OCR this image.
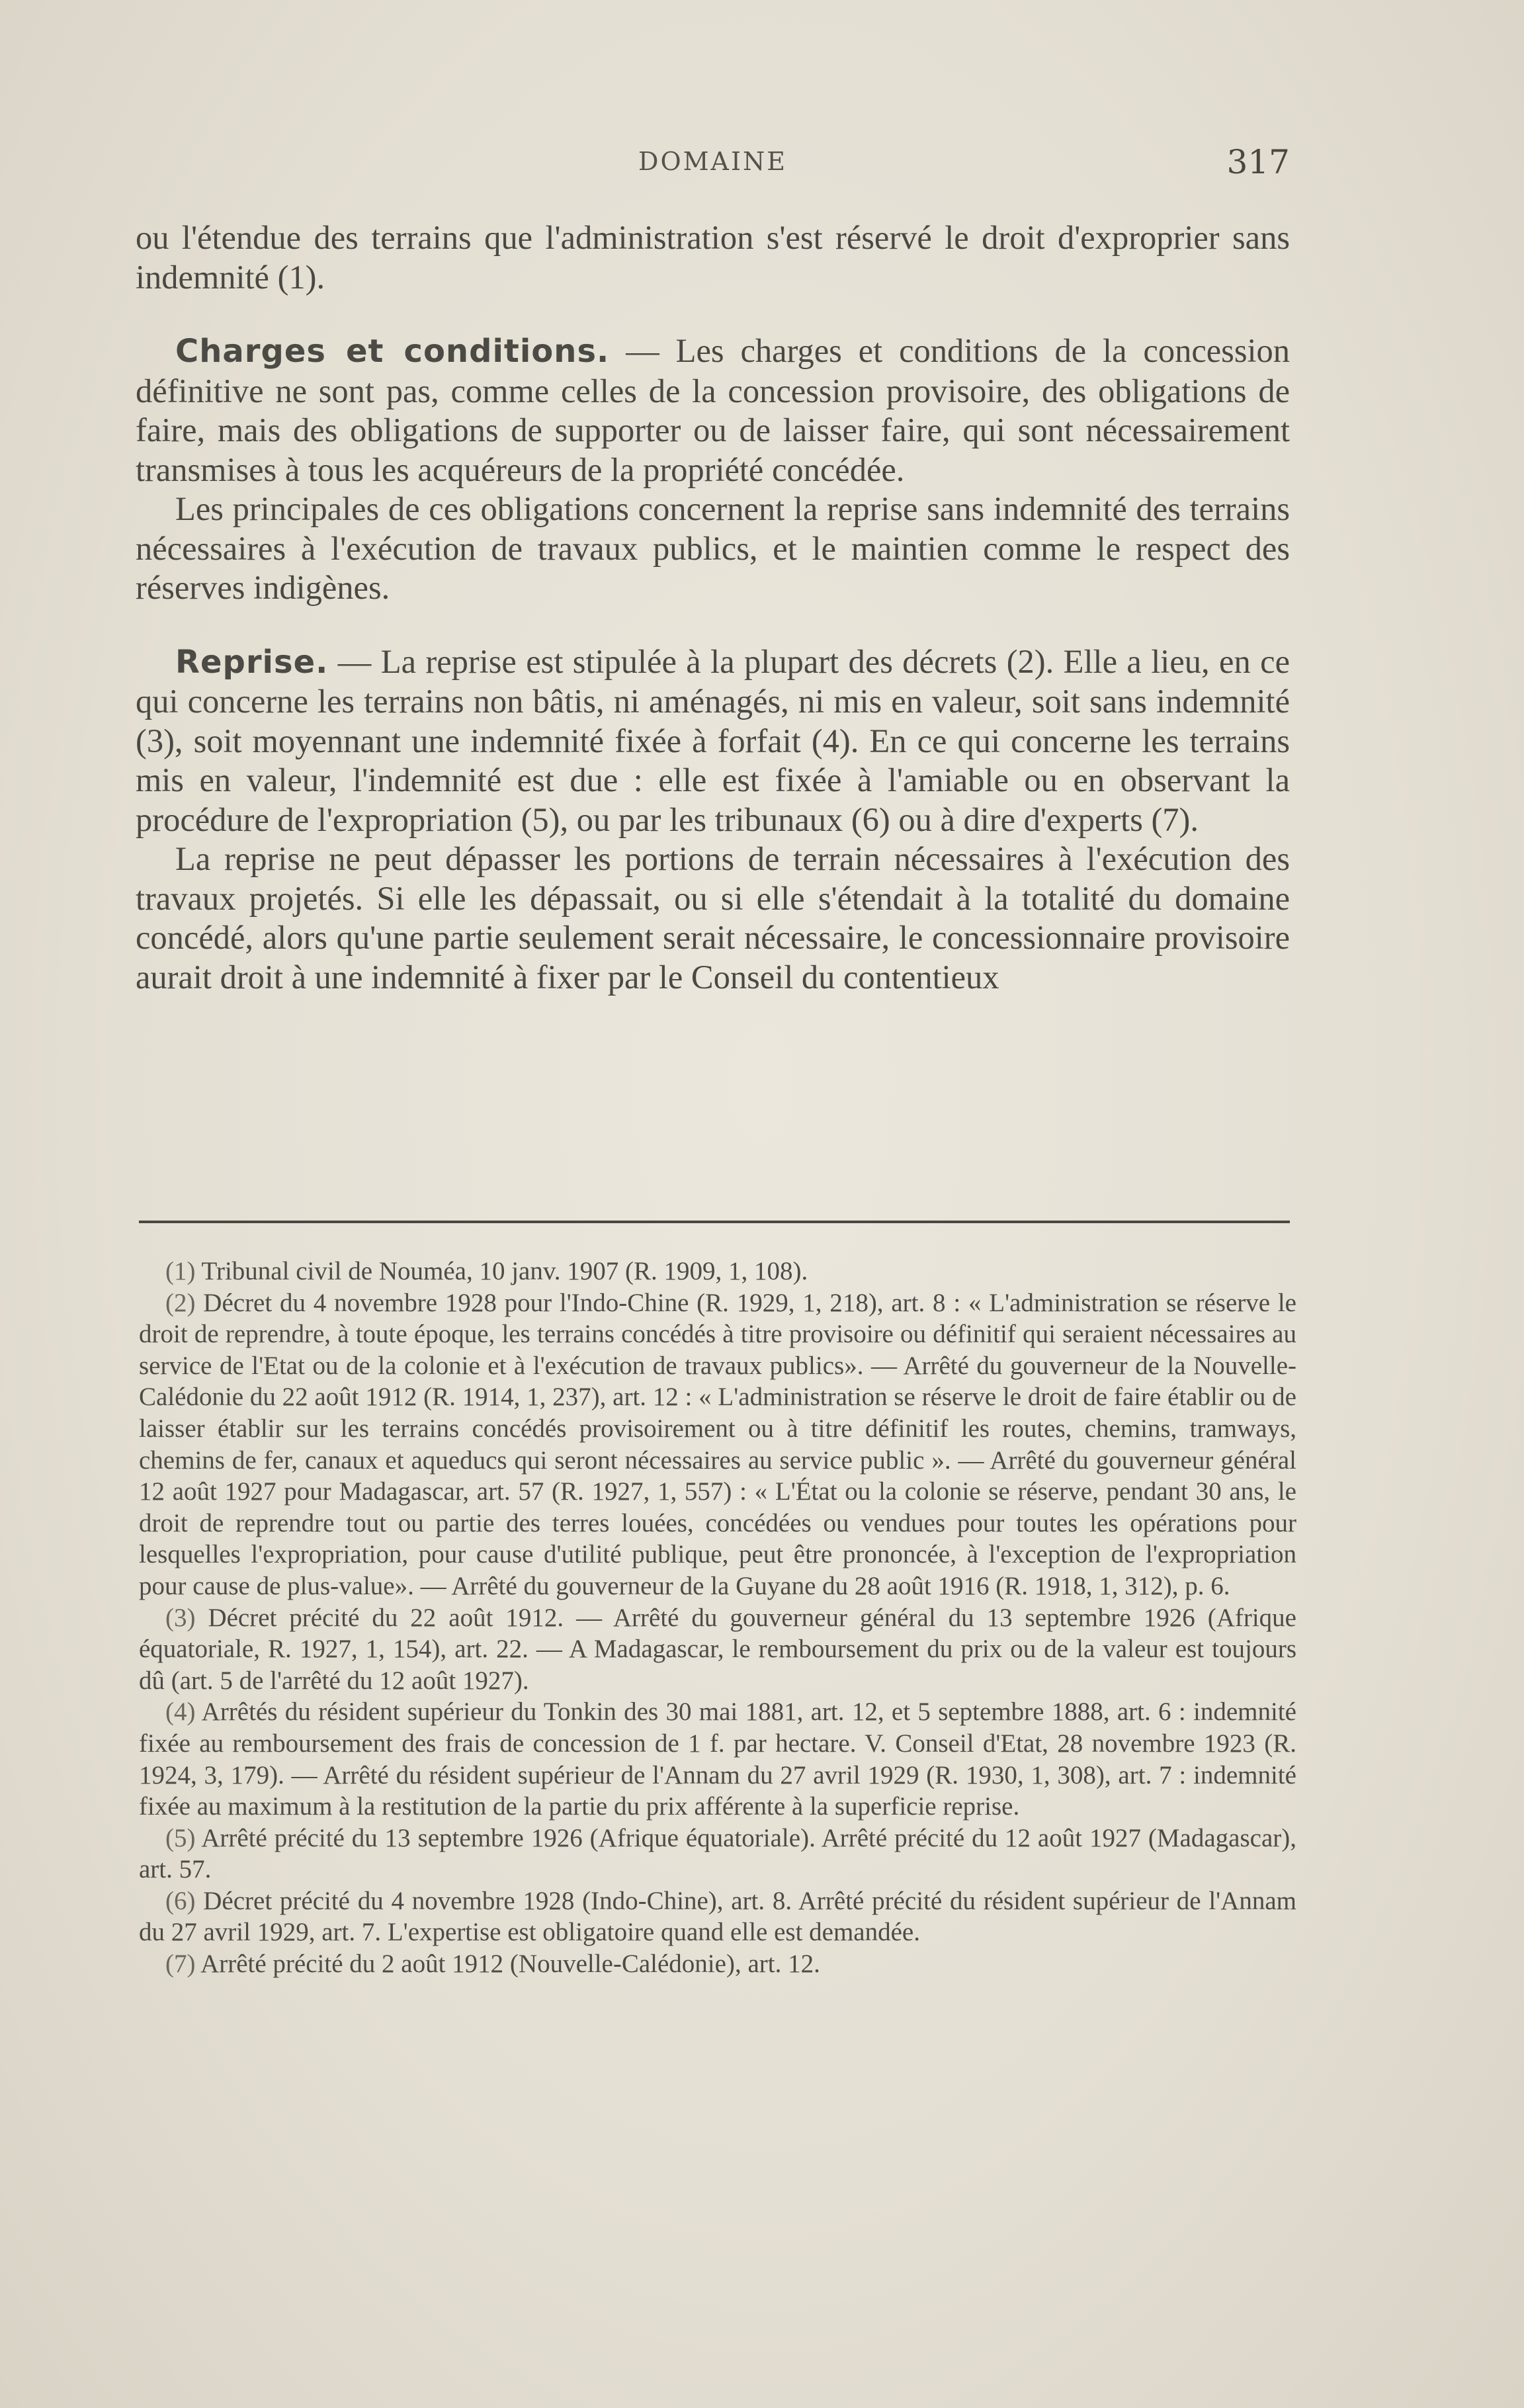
DOMAINE	317

ou l'étendue des terrains que l'administration s'est réservé le droit d'exproprier sans indemnité (1).

Charges et conditions. — Les charges et conditions de la concession définitive ne sont pas, comme celles de la concession provisoire, des obligations de faire, mais des obligations de supporter ou de laisser faire, qui sont nécessairement transmises à tous les acquéreurs de la propriété concédée.

Les principales de ces obligations concernent la reprise sans indemnité des terrains nécessaires à l'exécution de travaux publics, et le maintien comme le respect des réserves indigènes.

Reprise. — La reprise est stipulée à la plupart des décrets (2). Elle a lieu, en ce qui concerne les terrains non bâtis, ni aménagés, ni mis en valeur, soit sans indemnité (3), soit moyennant une indemnité fixée à forfait (4). En ce qui concerne les terrains mis en valeur, l'indemnité est due : elle est fixée à l'amiable ou en observant la procédure de l'expropriation (5), ou par les tribunaux (6) ou à dire d'experts (7).

La reprise ne peut dépasser les portions de terrain nécessaires à l'exécution des travaux projetés. Si elle les dépassait, ou si elle s'étendait à la totalité du domaine concédé, alors qu'une partie seulement serait nécessaire, le concessionnaire provisoire aurait droit à une indemnité à fixer par le Conseil du contentieux

(1) Tribunal civil de Nouméa, 10 janv. 1907 (R. 1909, 1, 108).

(2) Décret du 4 novembre 1928 pour l'Indo-Chine (R. 1929, 1, 218), art. 8 : « L'administration se réserve le droit de reprendre, à toute époque, les terrains concédés à titre provisoire ou définitif qui seraient nécessaires au service de l'Etat ou de la colonie et à l'exécution de travaux publics». — Arrêté du gouverneur de la Nouvelle-Calédonie du 22 août 1912 (R. 1914, 1, 237), art. 12 : « L'administration se réserve le droit de faire établir ou de laisser établir sur les terrains concédés provisoirement ou à titre définitif les routes, chemins, tramways, chemins de fer, canaux et aqueducs qui seront nécessaires au service public ». — Arrêté du gouverneur général 12 août 1927 pour Madagascar, art. 57 (R. 1927, 1, 557) : « L'État ou la colonie se réserve, pendant 30 ans, le droit de reprendre tout ou partie des terres louées, concédées ou vendues pour toutes les opérations pour lesquelles l'expropriation, pour cause d'utilité publique, peut être prononcée, à l'exception de l'expropriation pour cause de plus-value». — Arrêté du gouverneur de la Guyane du 28 août 1916 (R. 1918, 1, 312), p. 6.

(3) Décret précité du 22 août 1912. — Arrêté du gouverneur général du 13 septembre 1926 (Afrique équatoriale, R. 1927, 1, 154), art. 22. — A Madagascar, le remboursement du prix ou de la valeur est toujours dû (art. 5 de l'arrêté du 12 août 1927).

(4) Arrêtés du résident supérieur du Tonkin des 30 mai 1881, art. 12, et 5 septembre 1888, art. 6 : indemnité fixée au remboursement des frais de concession de 1 f. par hectare. V. Conseil d'Etat, 28 novembre 1923 (R. 1924, 3, 179). — Arrêté du résident supérieur de l'Annam du 27 avril 1929 (R. 1930, 1, 308), art. 7 : indemnité fixée au maximum à la restitution de la partie du prix afférente à la superficie reprise.

(5) Arrêté précité du 13 septembre 1926 (Afrique équatoriale). Arrêté précité du 12 août 1927 (Madagascar), art. 57.

(6) Décret précité du 4 novembre 1928 (Indo-Chine), art. 8. Arrêté précité du résident supérieur de l'Annam du 27 avril 1929, art. 7. L'expertise est obligatoire quand elle est demandée.

(7) Arrêté précité du 2 août 1912 (Nouvelle-Calédonie), art. 12.
